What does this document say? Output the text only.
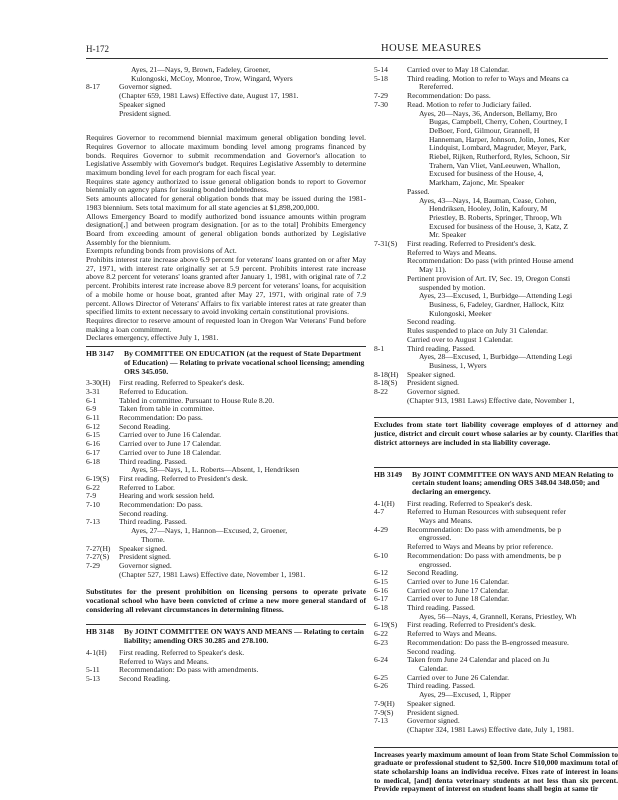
H-172	HOUSE MEASURES
Ayes, 21—Nays, 9, Brown, Fadeley, Groener,
Kulongoski, McCoy, Monroe, Trow, Wingard, Wyers
8-17	Governor signed.
(Chapter 659, 1981 Laws) Effective date, August 17, 1981.
Speaker signed
President signed.

Requires Governor to recommend biennial maximum general obligation bonding level. Requires Governor to allocate maximum bonding level among programs financed by bonds. Requires Governor to submit recommendation and Governor's allocation to Legislative Assembly with Governor's budget. Requires Legislative Assembly to determine maximum bonding level for each program for each fiscal year.

Requires state agency authorized to issue general obligation bonds to report to Governor biennially on agency plans for issuing bonded indebtedness.

Sets amounts allocated for general obligation bonds that may be issued during the 1981-1983 biennium. Sets total maximum for all state agencies at $1,898,200,000.

Allows Emergency Board to modify authorized bond issuance amounts within program designation[,] and between program designation. [or as to the total] Prohibits Emergency Board from exceeding amount of general obligation bonds authorized by Legislative Assembly for the biennium.

Exempts refunding bonds from provisions of Act.

Prohibits interest rate increase above 6.9 percent for veterans' loans granted on or after May 27, 1971, with interest rate originally set at 5.9 percent. Prohibits interest rate increase above 8.2 percent for veterans' loans granted after January 1, 1981, with original rate of 7.2 percent. Prohibits interest rate increase above 8.9 percent for veterans' loans, for acquisition of a mobile home or house boat, granted after May 27, 1971, with original rate of 7.9 percent. Allows Director of Veterans' Affairs to fix variable interest rates at rate greater than specified limits to extent necessary to avoid invoking certain constitutional provisions.

Requires director to reserve amount of requested loan in Oregon War Veterans' Fund before making a loan commitment.

Declares emergency, effective July 1, 1981.

HB 3147	By COMMITTEE ON EDUCATION (at the request of State Department of Education) — Relating to private vocational school licensing; amending ORS 345.050.
3-30(H)	First reading. Referred to Speaker's desk.
3-31	Referred to Education.
6-1	Tabled in committee. Pursuant to House Rule 8.20.
6-9	Taken from table in committee.
6-11	Recommendation: Do pass.
6-12	Second Reading.
6-15	Carried over to June 16 Calendar.
6-16	Carried over to June 17 Calendar.
6-17	Carried over to June 18 Calendar.
6-18	Third reading. Passed.
Ayes, 58—Nays, 1, L. Roberts—Absent, 1, Hendriksen
6-19(S)	First reading. Referred to President's desk.
6-22	Referred to Labor.
7-9	Hearing and work session held.
7-10	Recommendation: Do pass.
Second reading.
7-13	Third reading. Passed.
Ayes, 27—Nays, 1, Hannon—Excused, 2, Groener,
Thorne.
7-27(H)	Speaker signed.
7-27(S)	President signed.
7-29	Governor signed.
(Chapter 527, 1981 Laws) Effective date, November 1, 1981.

Substitutes for the present prohibition on licensing persons to operate private vocational school who have been convicted of crime a new more general standard of considering all relevant circumstances in determining fitness.

HB 3148	By JOINT COMMITTEE ON WAYS AND MEANS — Relating to certain liability; amending ORS 30.285 and 278.100.
4-1(H)	First reading. Referred to Speaker's desk.
Referred to Ways and Means.
5-11	Recommendation: Do pass with amendments.
5-13	Second Reading.
5-14	Carried over to May 18 Calendar.
5-18	Third reading. Motion to refer to Ways and Means ca
Rereferred.
7-29	Recommendation: Do pass.
7-30	Read. Motion to refer to Judiciary failed.
Ayes, 20—Nays, 36, Anderson, Bellamy, Bro
Bugas, Campbell, Cherry, Cohen, Courtney, I
DeBoer, Ford, Gilmour, Grannell, H
Hanneman, Harper, Johnson, Jolin, Jones, Ker
Lindquist, Lombard, Magruder, Meyer, Park,
Riebel, Rijken, Rutherford, Ryles, Schoon, Sir
Trahern, Van Vliet, VanLeeuwen, Whallon,
Excused for business of the House, 4,
Markham, Zajonc, Mr. Speaker
Passed.
Ayes, 43—Nays, 14, Bauman, Cease, Cohen,
Hendriksen, Hooley, Jolin, Kafoury, M
Priestley, B. Roberts, Springer, Throop, Wh
Excused for business of the House, 3, Katz, Z
Mr. Speaker
7-31(S)	First reading. Referred to President's desk.
Referred to Ways and Means.
Recommendation: Do pass (with printed House amend
May 11).
Pertinent provision of Art. IV, Sec. 19, Oregon Consti
suspended by motion.
Ayes, 23—Excused, 1, Burbidge—Attending Legi
Business, 6, Fadeley, Gardner, Hallock, Kitz
Kulongoski, Meeker
Second reading.
Rules suspended to place on July 31 Calendar.
Carried over to August 1 Calendar.
8-1	Third reading. Passed.
Ayes, 28—Excused, 1, Burbidge—Attending Legi
Business, 1, Wyers
8-18(H)	Speaker signed.
8-18(S)	President signed.
8-22	Governor signed.
(Chapter 913, 1981 Laws) Effective date, November 1,

Excludes from state tort liability coverage employes of d attorney and justice, district and circuit court whose salaries ar by county. Clarifies that district attorneys are included in sta liability coverage.

HB 3149	By JOINT COMMITTEE ON WAYS AND MEAN Relating to certain student loans; amending ORS 348.04 348.050; and declaring an emergency.
4-1(H)	First reading. Referred to Speaker's desk.
4-7	Referred to Human Resources with subsequent refer
Ways and Means.
4-29	Recommendation: Do pass with amendments, be p
engrossed.
Referred to Ways and Means by prior reference.
6-10	Recommendation: Do pass with amendments, be p
engrossed.
6-12	Second Reading.
6-15	Carried over to June 16 Calendar.
6-16	Carried over to June 17 Calendar.
6-17	Carried over to June 18 Calendar.
6-18	Third reading. Passed.
Ayes, 56—Nays, 4, Grannell, Kerans, Priestley, Wh
6-19(S)	First reading. Referred to President's desk.
6-22	Referred to Ways and Means.
6-23	Recommendation: Do pass the B-engrossed measure.
Second reading.
6-24	Taken from June 24 Calendar and placed on Ju
Calendar.
6-25	Carried over to June 26 Calendar.
6-26	Third reading. Passed.
Ayes, 29—Excused, 1, Ripper
7-9(H)	Speaker signed.
7-9(S)	President signed.
7-13	Governor signed.
(Chapter 324, 1981 Laws) Effective date, July 1, 1981.

Increases yearly maximum amount of loan from State Schol Commission to graduate or professional student to $2,500. Incre $10,000 maximum total of state scholarship loans an individua receive. Fixes rate of interest in loans to medical, [and] denta veterinary students at not less than six percent. Provide repayment of interest on student loans shall begin at same tir
